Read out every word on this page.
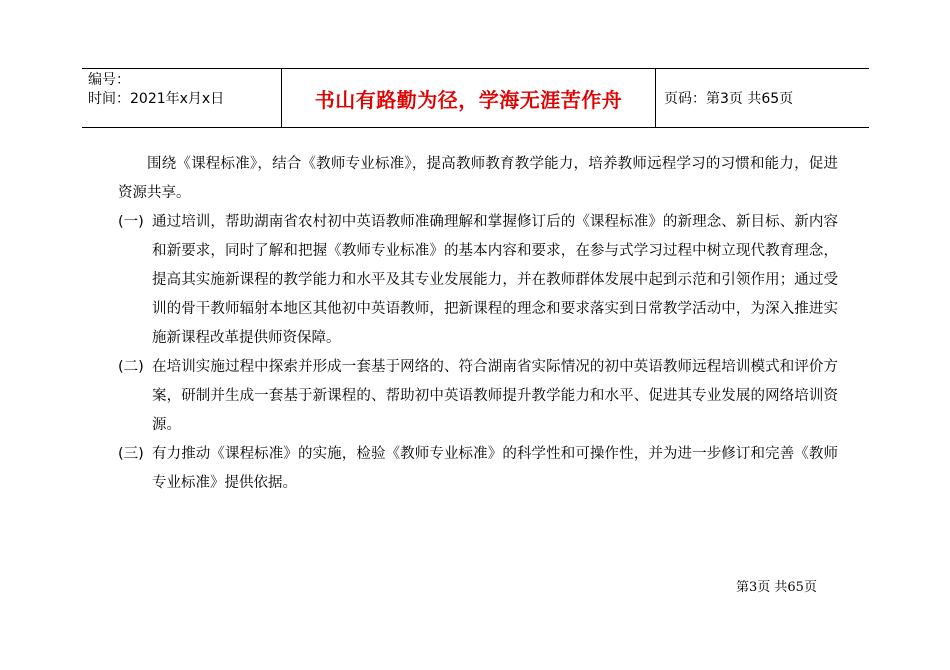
编号：
时间：2021年x月x日	书山有路勤为径，学海无涯苦作舟	页码：第3页 共65页

围绕《课程标准》，结合《教师专业标准》，提高教师教育教学能力，培养教师远程学习的习惯和能力，促进资源共享。

(一) 通过培训，帮助湖南省农村初中英语教师准确理解和掌握修订后的《课程标准》的新理念、新目标、新内容和新要求，同时了解和把握《教师专业标准》的基本内容和要求，在参与式学习过程中树立现代教育理念，提高其实施新课程的教学能力和水平及其专业发展能力，并在教师群体发展中起到示范和引领作用；通过受训的骨干教师辐射本地区其他初中英语教师，把新课程的理念和要求落实到日常教学活动中，为深入推进实施新课程改革提供师资保障。
(二) 在培训实施过程中探索并形成一套基于网络的、符合湖南省实际情况的初中英语教师远程培训模式和评价方案，研制并生成一套基于新课程的、帮助初中英语教师提升教学能力和水平、促进其专业发展的网络培训资源。
(三) 有力推动《课程标准》的实施，检验《教师专业标准》的科学性和可操作性，并为进一步修订和完善《教师专业标准》提供依据。
第3页 共65页
